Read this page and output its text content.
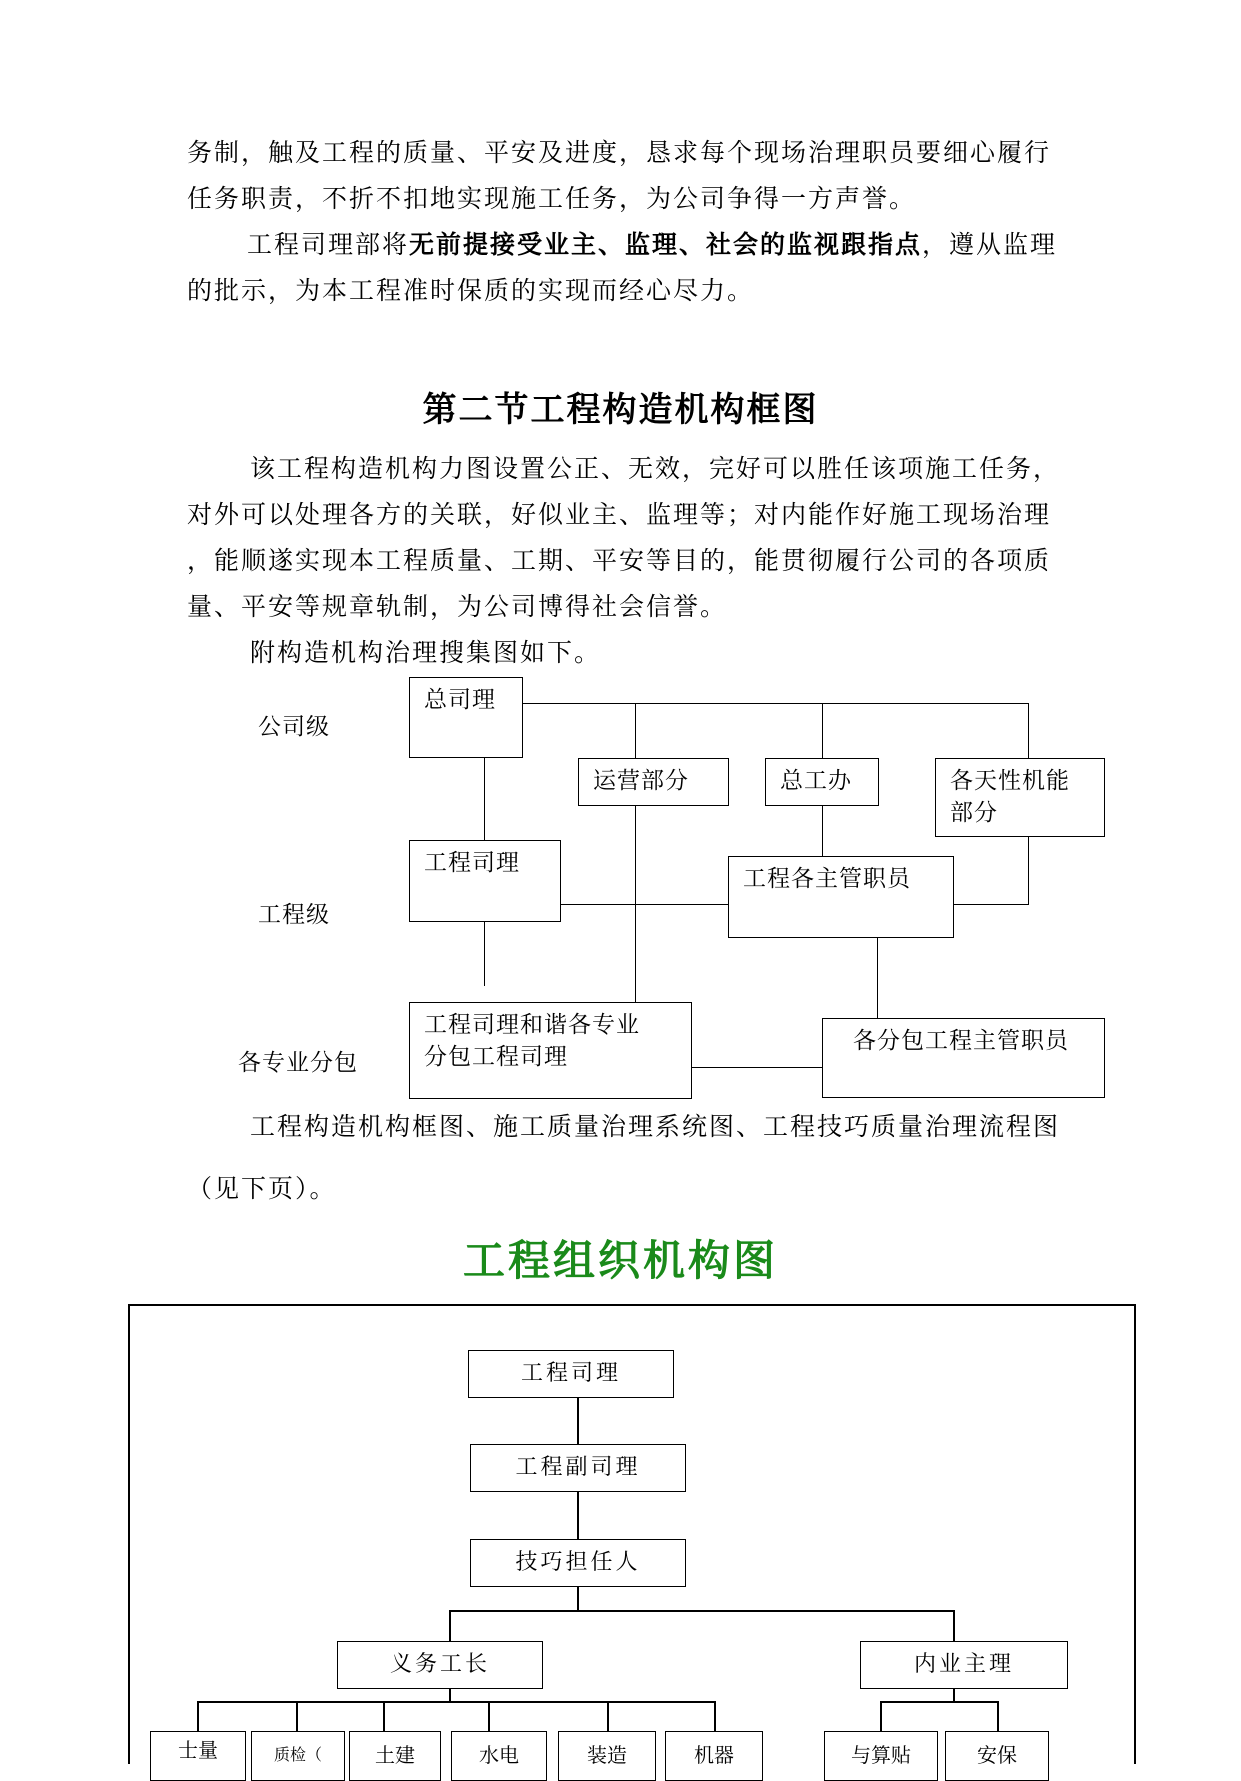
务制，触及工程的质量、平安及进度，恳求每个现场治理职员要细心履行
任务职责，不折不扣地实现施工任务，为公司争得一方声誉。
工程司理部将无前提接受业主、监理、社会的监视跟指点，遵从监理
的批示，为本工程准时保质的实现而经心尽力。
第二节工程构造机构框图
该工程构造机构力图设置公正、无效，完好可以胜任该项施工任务，
对外可以处理各方的关联，好似业主、监理等；对内能作好施工现场治理
，能顺遂实现本工程质量、工期、平安等目的，能贯彻履行公司的各项质
量、平安等规章轨制，为公司博得社会信誉。
附构造机构治理搜集图如下。
公司级
工程级
各专业分包
总司理
运营部分	总工办	各天性机能
部分
工程司理
工程各主管职员
工程司理和谐各专业
分包工程司理
各分包工程主管职员
工程构造机构框图、施工质量治理系统图、工程技巧质量治理流程图
（见下页）。
工程组织机构图
工程司理
工程副司理
技巧担任人
义务工长	内业主理
士量	质检（	土建	水电	装造	机器	与算贴	安保
